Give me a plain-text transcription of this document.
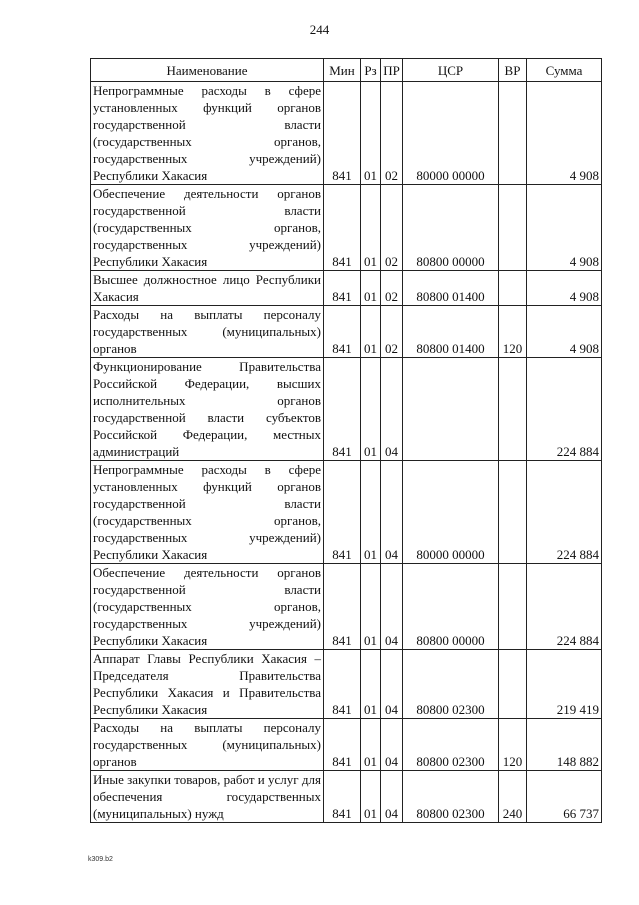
244
Наименование	Мин	Рз	ПР	ЦСР	ВР	Сумма
Непрограммные расходы в сфере установленных функций органов государственной власти (государственных органов, государственных учреждений) Республики Хакасия	841	01	02	80000 00000		4 908
Обеспечение деятельности органов государственной власти (государственных органов, государственных учреждений) Республики Хакасия	841	01	02	80800 00000		4 908
Высшее должностное лицо Республики Хакасия	841	01	02	80800 01400		4 908
Расходы на выплаты персоналу государственных (муниципальных) органов	841	01	02	80800 01400	120	4 908
Функционирование Правительства Российской Федерации, высших исполнительных органов государственной власти субъектов Российской Федерации, местных администраций	841	01	04			224 884
Непрограммные расходы в сфере установленных функций органов государственной власти (государственных органов, государственных учреждений) Республики Хакасия	841	01	04	80000 00000		224 884
Обеспечение деятельности органов государственной власти (государственных органов, государственных учреждений) Республики Хакасия	841	01	04	80800 00000		224 884
Аппарат Главы Республики Хакасия – Председателя Правительства Республики Хакасия и Правительства Республики Хакасия	841	01	04	80800 02300		219 419
Расходы на выплаты персоналу государственных (муниципальных) органов	841	01	04	80800 02300	120	148 882
Иные закупки товаров, работ и услуг для обеспечения государственных (муниципальных) нужд	841	01	04	80800 02300	240	66 737
k309.b2
